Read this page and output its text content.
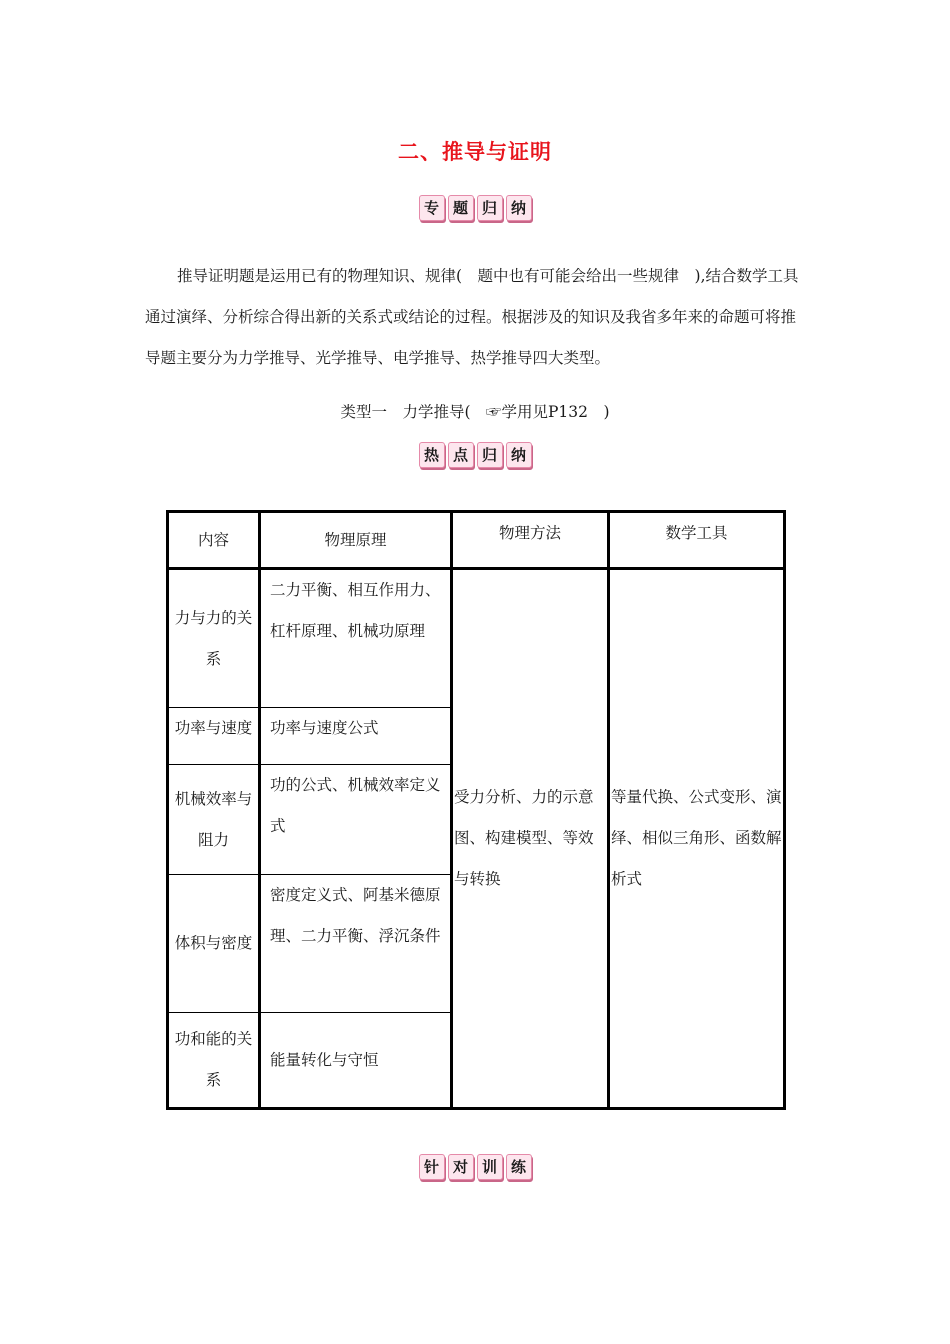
二、推导与证明
专 题 归 纳

推导证明题是运用已有的物理知识、规律(　题中也有可能会给出一些规律　),结合数学工具通过演绎、分析综合得出新的关系式或结论的过程。根据涉及的知识及我省多年来的命题可将推导题主要分为力学推导、光学推导、电学推导、热学推导四大类型。

类型一　力学推导(　☞学用见P132　)
热 点 归 纳
内容	物理原理	物理方法	数学工具
力与力的关系	二力平衡、相互作用力、杠杆原理、机械功原理	受力分析、力的示意图、构建模型、等效与转换	等量代换、公式变形、演绎、相似三角形、函数解析式
功率与速度	功率与速度公式		
机械效率与阻力	功的公式、机械效率定义式		
体积与密度	密度定义式、阿基米德原理、二力平衡、浮沉条件		
功和能的关系	能量转化与守恒		
针 对 训 练
